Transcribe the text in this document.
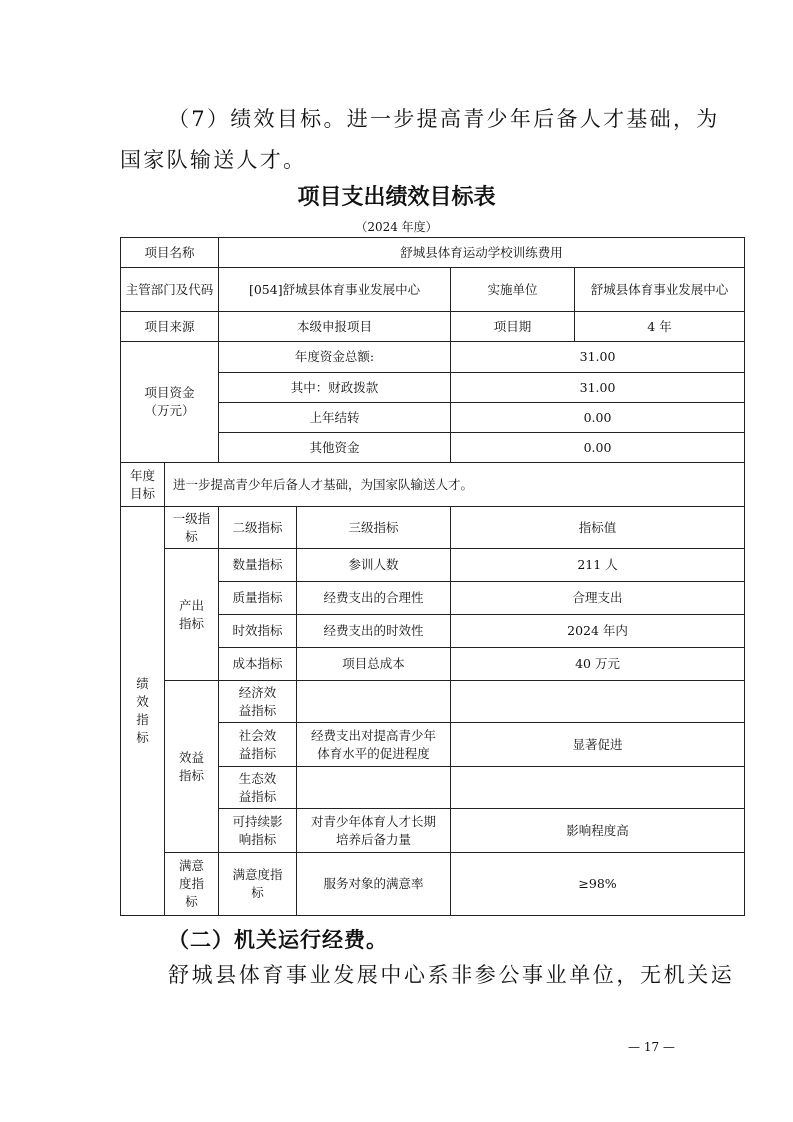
（7）绩效目标。进一步提高青少年后备人才基础，为
国家队输送人才。
项目支出绩效目标表
（2024 年度）
项目名称		舒城县体育运动学校训练费用			
主管部门及代码		[054]舒城县体育事业发展中心		实施单位	舒城县体育事业发展中心
项目来源		本级申报项目		项目期	4 年
项目资金（万元）		年度资金总额:		31.00	
		其中：财政拨款		31.00	
		上年结转		0.00	
		其他资金		0.00	
年度目标	进一步提高青少年后备人才基础，为国家队输送人才。				
绩效指标	一级指标	二级指标	三级指标	指标值	
	产出指标	数量指标	参训人数	211 人	
		质量指标	经费支出的合理性	合理支出	
		时效指标	经费支出的时效性	2024 年内	
		成本指标	项目总成本	40 万元	
	效益指标	经济效益指标			
		社会效益指标	经费支出对提高青少年体育水平的促进程度	显著促进	
		生态效益指标			
		可持续影响指标	对青少年体育人才长期培养后备力量	影响程度高	
	满意度指标	满意度指标	服务对象的满意率	≥98%	
（二）机关运行经费。
舒城县体育事业发展中心系非参公事业单位，无机关运
— 17 —
